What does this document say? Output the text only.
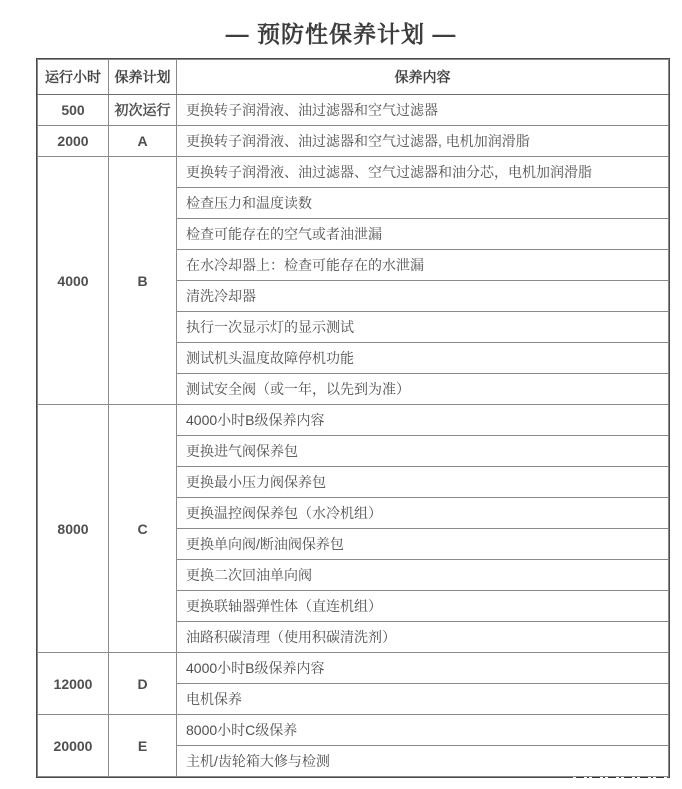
— 预防性保养计划 —
运行小时	保养计划	保养内容
500	初次运行	更换转子润滑液、油过滤器和空气过滤器
2000	A	更换转子润滑液、油过滤器和空气过滤器, 电机加润滑脂
4000	B	更换转子润滑液、油过滤器、空气过滤器和油分芯，电机加润滑脂
		检查压力和温度读数
		检查可能存在的空气或者油泄漏
		在水冷却器上：检查可能存在的水泄漏
		清洗冷却器
		执行一次显示灯的显示测试
		测试机头温度故障停机功能
		测试安全阀（或一年，以先到为准）
8000	C	4000小时B级保养内容
		更换进气阀保养包
		更换最小压力阀保养包
		更换温控阀保养包（水冷机组）
		更换单向阀/断油阀保养包
		更换二次回油单向阀
		更换联轴器弹性体（直连机组）
		油路积碳清理（使用积碳清洗剂）
12000	D	4000小时B级保养内容
		电机保养
20000	E	8000小时C级保养
		主机/齿轮箱大修与检测
